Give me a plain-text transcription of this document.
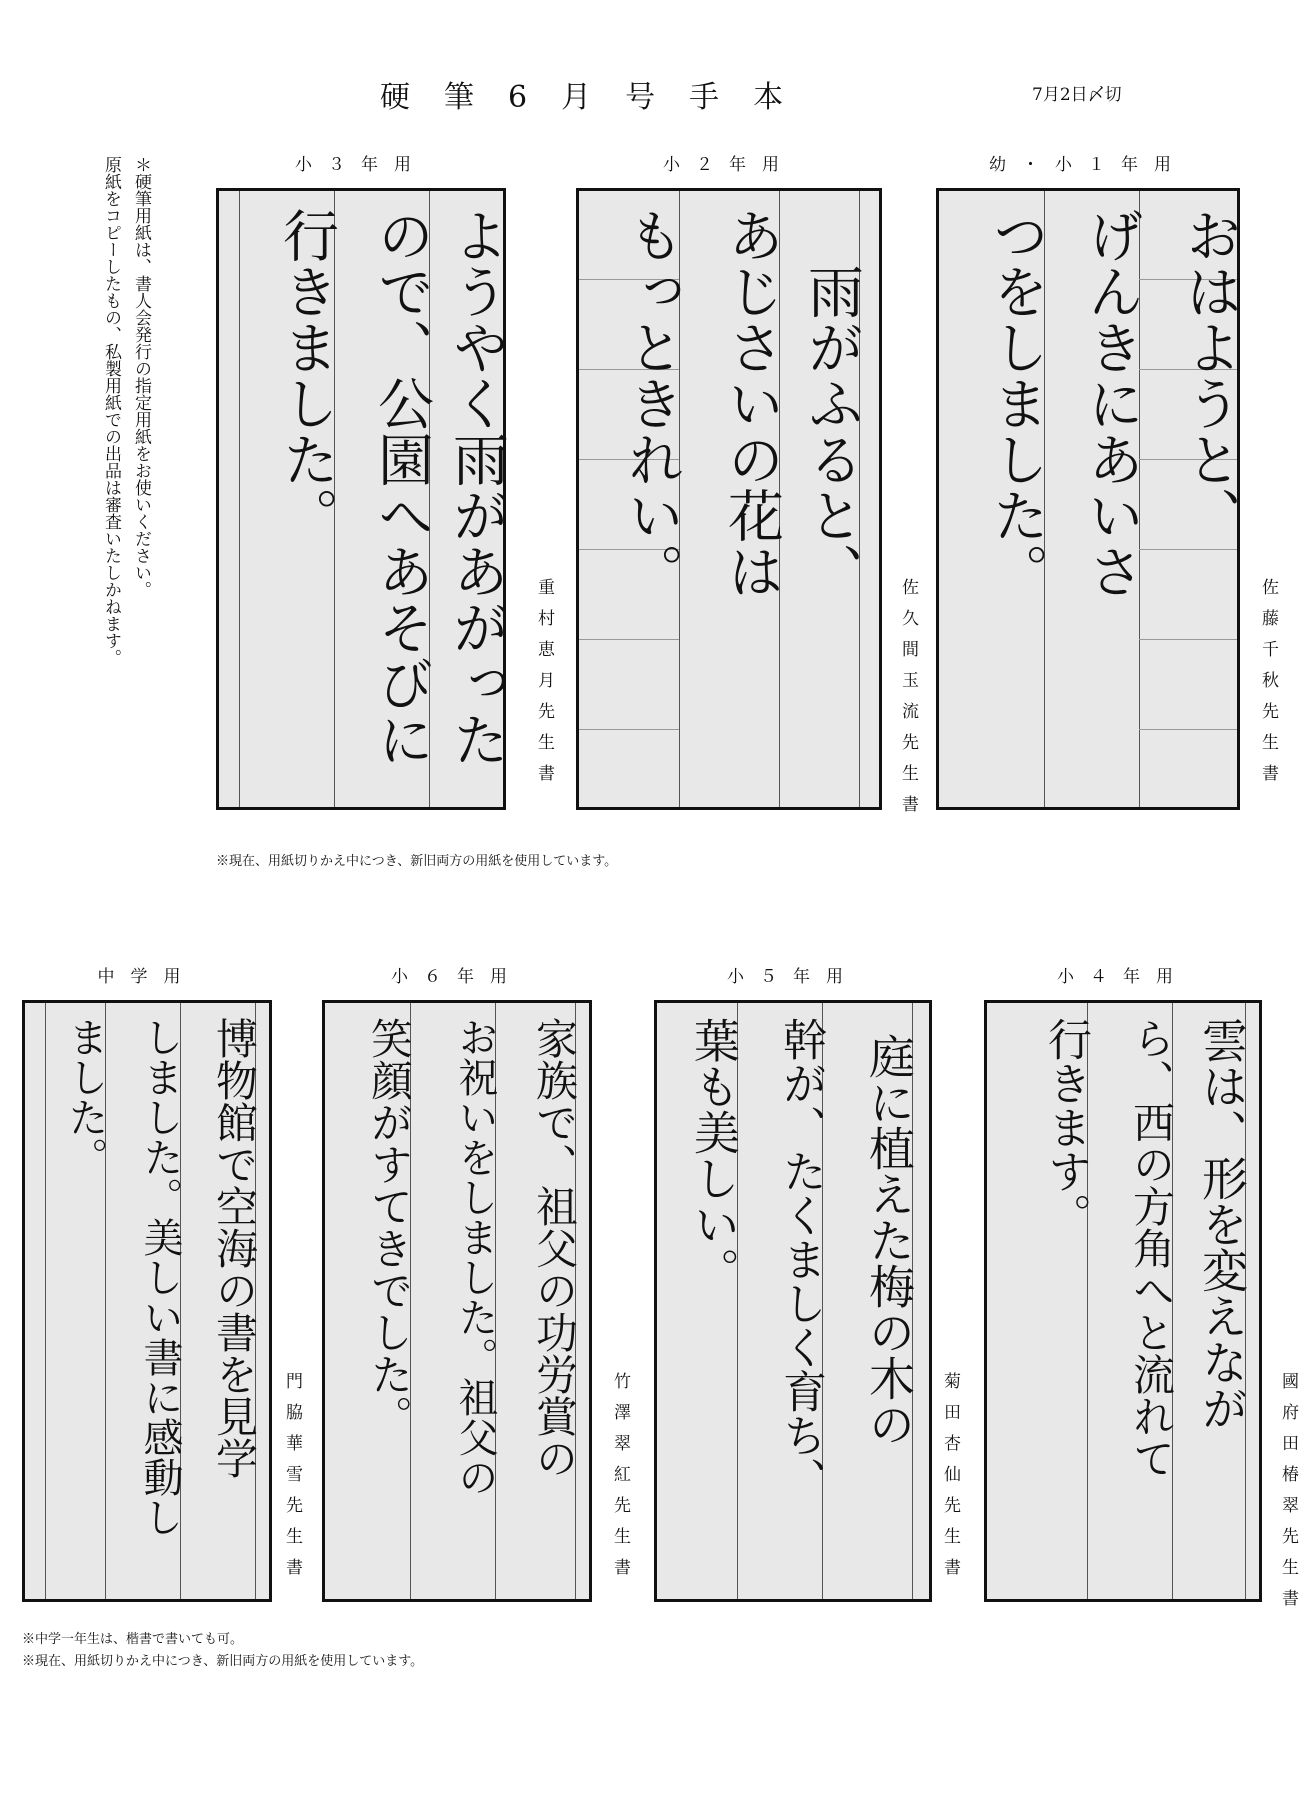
硬筆6月号手本	7月2日〆切
＊硬筆用紙は、書人会発行の指定用紙をお使いください。
原紙をコピーしたもの、私製用紙での出品は審査いたしかねます。	小３年用
ようやく雨があがった
ので、公園へあそびに
行きました。
重村恵月先生書
小２年用
　雨がふると、
あじさいの花は
もっときれい。
佐久間玉流先生書
幼・小１年用
おはようと、
げんきにあいさ
つをしました。
佐藤千秋先生書
※現在、用紙切りかえ中につき、新旧両方の用紙を使用しています。
中学用
博物館で空海の書を見学
しました。美しい書に感動し
ました。
門脇華雪先生書
小６年用
家族で、祖父の功労賞の
お祝いをしました。祖父の
笑顔がすてきでした。
竹澤翠紅先生書
小５年用
庭に植えた梅の木の
幹が、たくましく育ち、
葉も美しい。
菊田杏仙先生書
小４年用
雲は、形を変えなが
ら、西の方角へと流れて
行きます。
國府田椿翠先生書
※中学一年生は、楷書で書いても可。
※現在、用紙切りかえ中につき、新旧両方の用紙を使用しています。
